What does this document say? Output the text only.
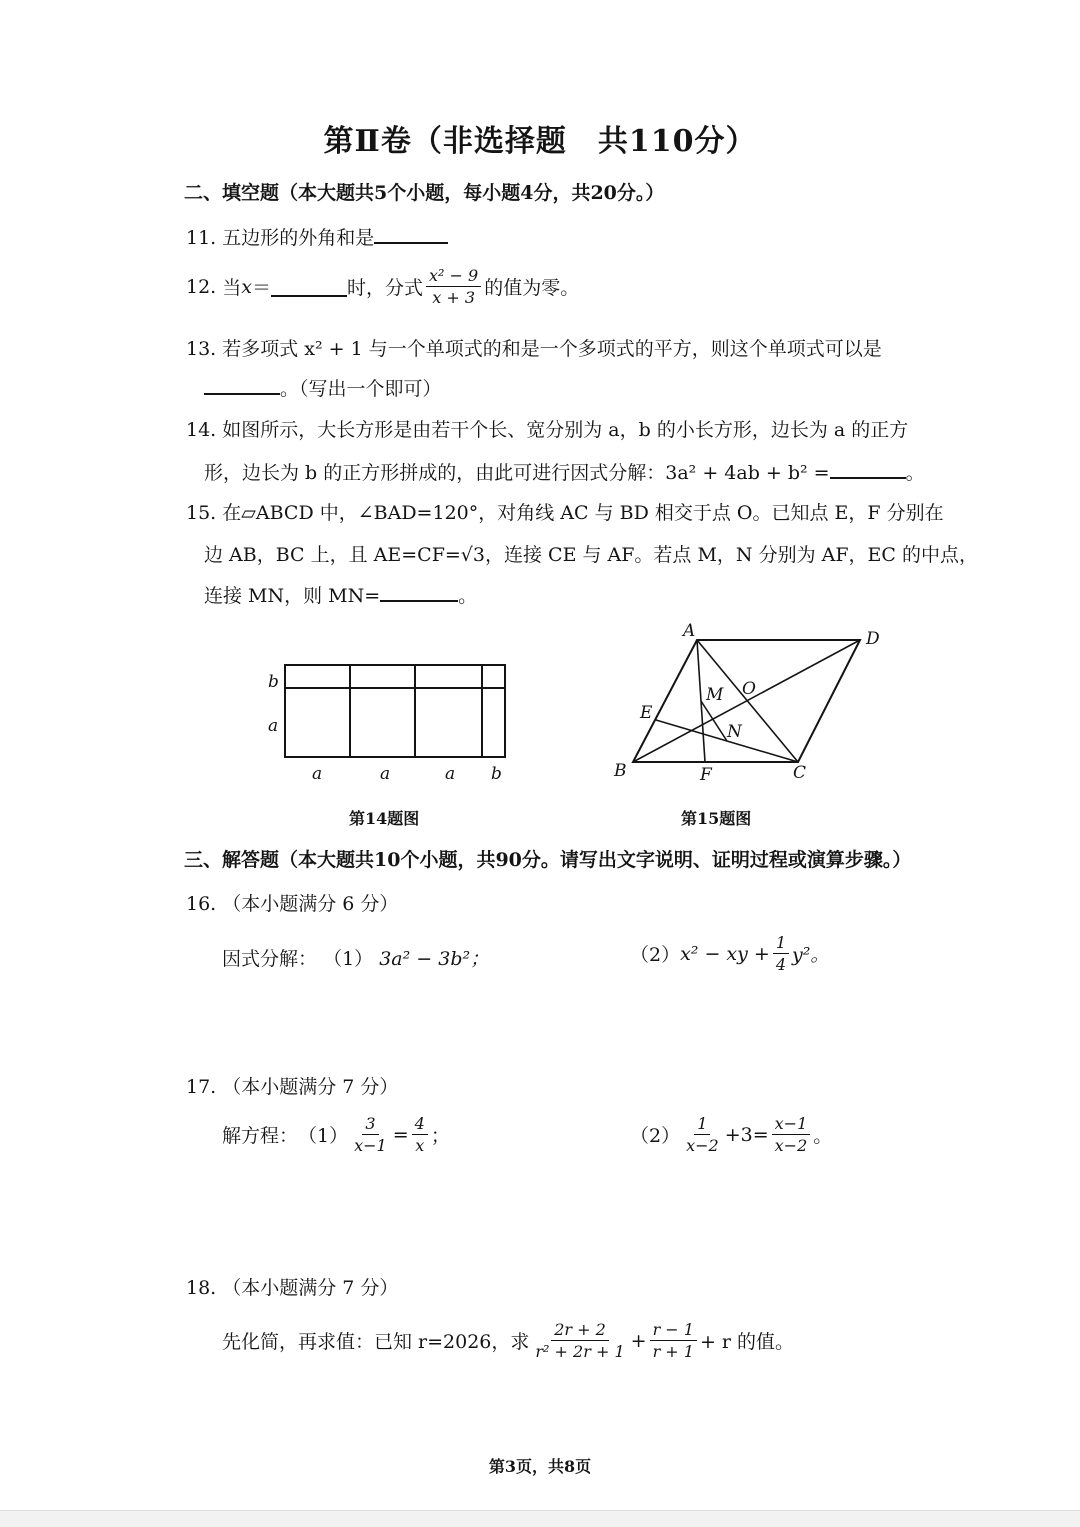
第Ⅱ卷（非选择题　共110分）
二、填空题（本大题共5个小题，每小题4分，共20分。）
11. 五边形的外角和是
12.
当 x ＝	时，分式 $\frac{\text{x² − 9}}{x + 3}$ 的值为零。
13. 若多项式 x² + 1 与一个单项式的和是一个多项式的平方，则这个单项式可以是
。（写出一个即可）
14. 如图所示，大长方形是由若干个长、宽分别为 a，b 的小长方形，边长为 a 的正方
形，边长为 b 的正方形拼成的，由此可进行因式分解：3a² + 4ab + b² =	。
15. 在▱ABCD 中，∠BAD=120°，对角线 AC 与 BD 相交于点 O。已知点 E，F 分别在
边 AB，BC 上，且 AE=CF=√3，连接 CE 与 AF。若点 M，N 分别为 AF，EC 的中点，
连接 MN，则 MN=	。
b
a
a	a	a b
第14题图
A	D
E
M O
N
B	F	C
第15题图
三、解答题（本大题共10个小题，共90分。请写出文字说明、证明过程或演算步骤。）
16. （本小题满分 6 分）
因式分解： （1） 3a² − 3b²；	（2） x² − xy + $\frac{1}{4} y^2$。
17. （本小题满分 7 分）
解方程： $(1) \frac{3}{x-1} = \frac{4}{x}$ ；	$(2) \frac{1}{x-2} +3= \frac{x-1}{x-2}$ 。
18. （本小题满分 7 分）
先化简，再求值：已知 r=2026，求 $\frac{2r + 2}{\text{r² + 2r + 1}} + \frac{r - 1}{r + 1} + r$ 的值。
第3页，共8页
